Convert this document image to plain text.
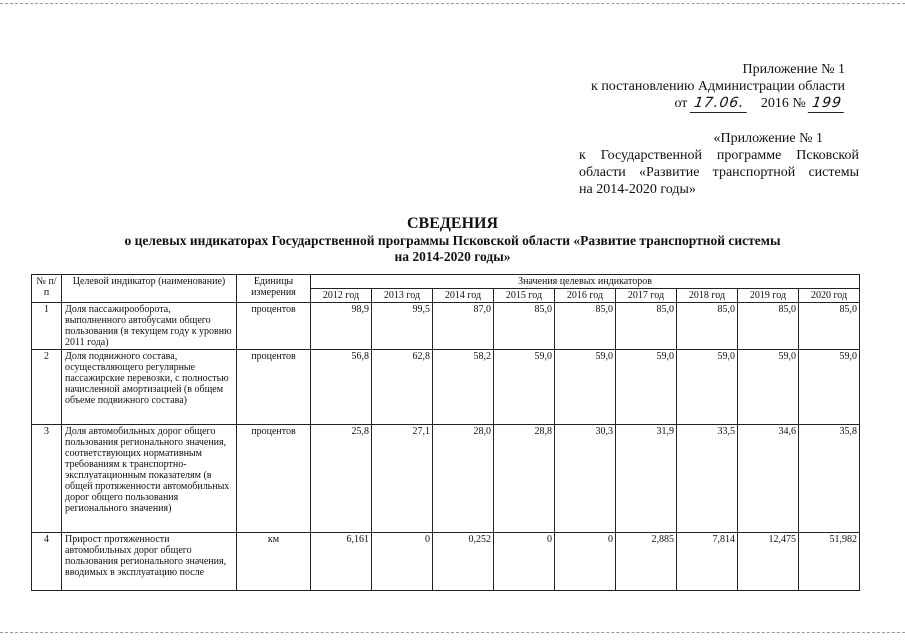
Приложение № 1
к постановлению Администрации области
от 17.06. 2016 № 199
«Приложение № 1
к Государственной программе Псковской
области «Развитие транспортной системы
на 2014-2020 годы»
СВЕДЕНИЯ
о целевых индикаторах Государственной программы Псковской области «Развитие транспортной системы
на 2014-2020 годы»
№ п/п	Целевой индикатор (наименование)	Единицы измерения	Значения целевых индикаторов								
			2012 год	2013 год	2014 год	2015 год	2016 год	2017 год	2018 год	2019 год	2020 год
1	Доля пассажирооборота, выполненного автобусами общего пользования (в текущем году к уровню 2011 года)	процентов	98,9	99,5	87,0	85,0	85,0	85,0	85,0	85,0	85,0
2	Доля подвижного состава, осуществляющего регулярные пассажирские перевозки, с полностью начисленной амортизацией (в общем объеме подвижного состава)	процентов	56,8	62,8	58,2	59,0	59,0	59,0	59,0	59,0	59,0
3	Доля автомобильных дорог общего пользования регионального значения, соответствующих нормативным требованиям к транспортно-эксплуатационным показателям (в общей протяженности автомобильных дорог общего пользования регионального значения)	процентов	25,8	27,1	28,0	28,8	30,3	31,9	33,5	34,6	35,8
4	Прирост протяженности автомобильных дорог общего пользования регионального значения, вводимых в эксплуатацию после	км	6,161	0	0,252	0	0	2,885	7,814	12,475	51,982
